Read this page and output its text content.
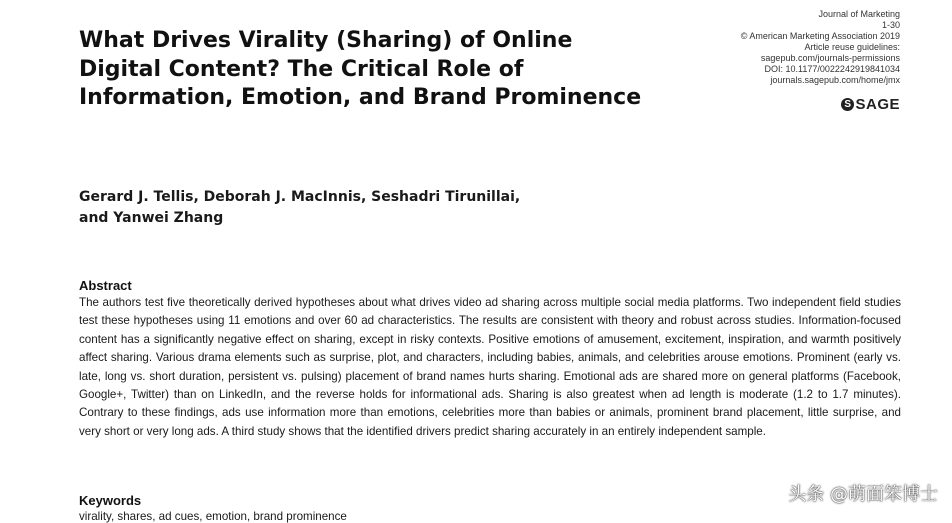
Journal of Marketing
1-30
© American Marketing Association 2019
Article reuse guidelines:
sagepub.com/journals-permissions
DOI: 10.1177/0022242919841034
journals.sagepub.com/home/jmx
S SAGE
What Drives Virality (Sharing) of Online Digital Content? The Critical Role of Information, Emotion, and Brand Prominence
Gerard J. Tellis, Deborah J. MacInnis, Seshadri Tirunillai,
and Yanwei Zhang
Abstract

The authors test five theoretically derived hypotheses about what drives video ad sharing across multiple social media platforms. Two independent field studies test these hypotheses using 11 emotions and over 60 ad characteristics. The results are consistent with theory and robust across studies. Information-focused content has a significantly negative effect on sharing, except in risky contexts. Positive emotions of amusement, excitement, inspiration, and warmth positively affect sharing. Various drama elements such as surprise, plot, and characters, including babies, animals, and celebrities arouse emotions. Prominent (early vs. late, long vs. short duration, persistent vs. pulsing) placement of brand names hurts sharing. Emotional ads are shared more on general platforms (Facebook, Google+, Twitter) than on LinkedIn, and the reverse holds for informational ads. Sharing is also greatest when ad length is moderate (1.2 to 1.7 minutes). Contrary to these findings, ads use information more than emotions, celebrities more than babies or animals, prominent brand placement, little surprise, and very short or very long ads. A third study shows that the identified drivers predict sharing accurately in an entirely independent sample.

Keywords

virality, shares, ad cues, emotion, brand prominence

头条 @萌面笨博士
